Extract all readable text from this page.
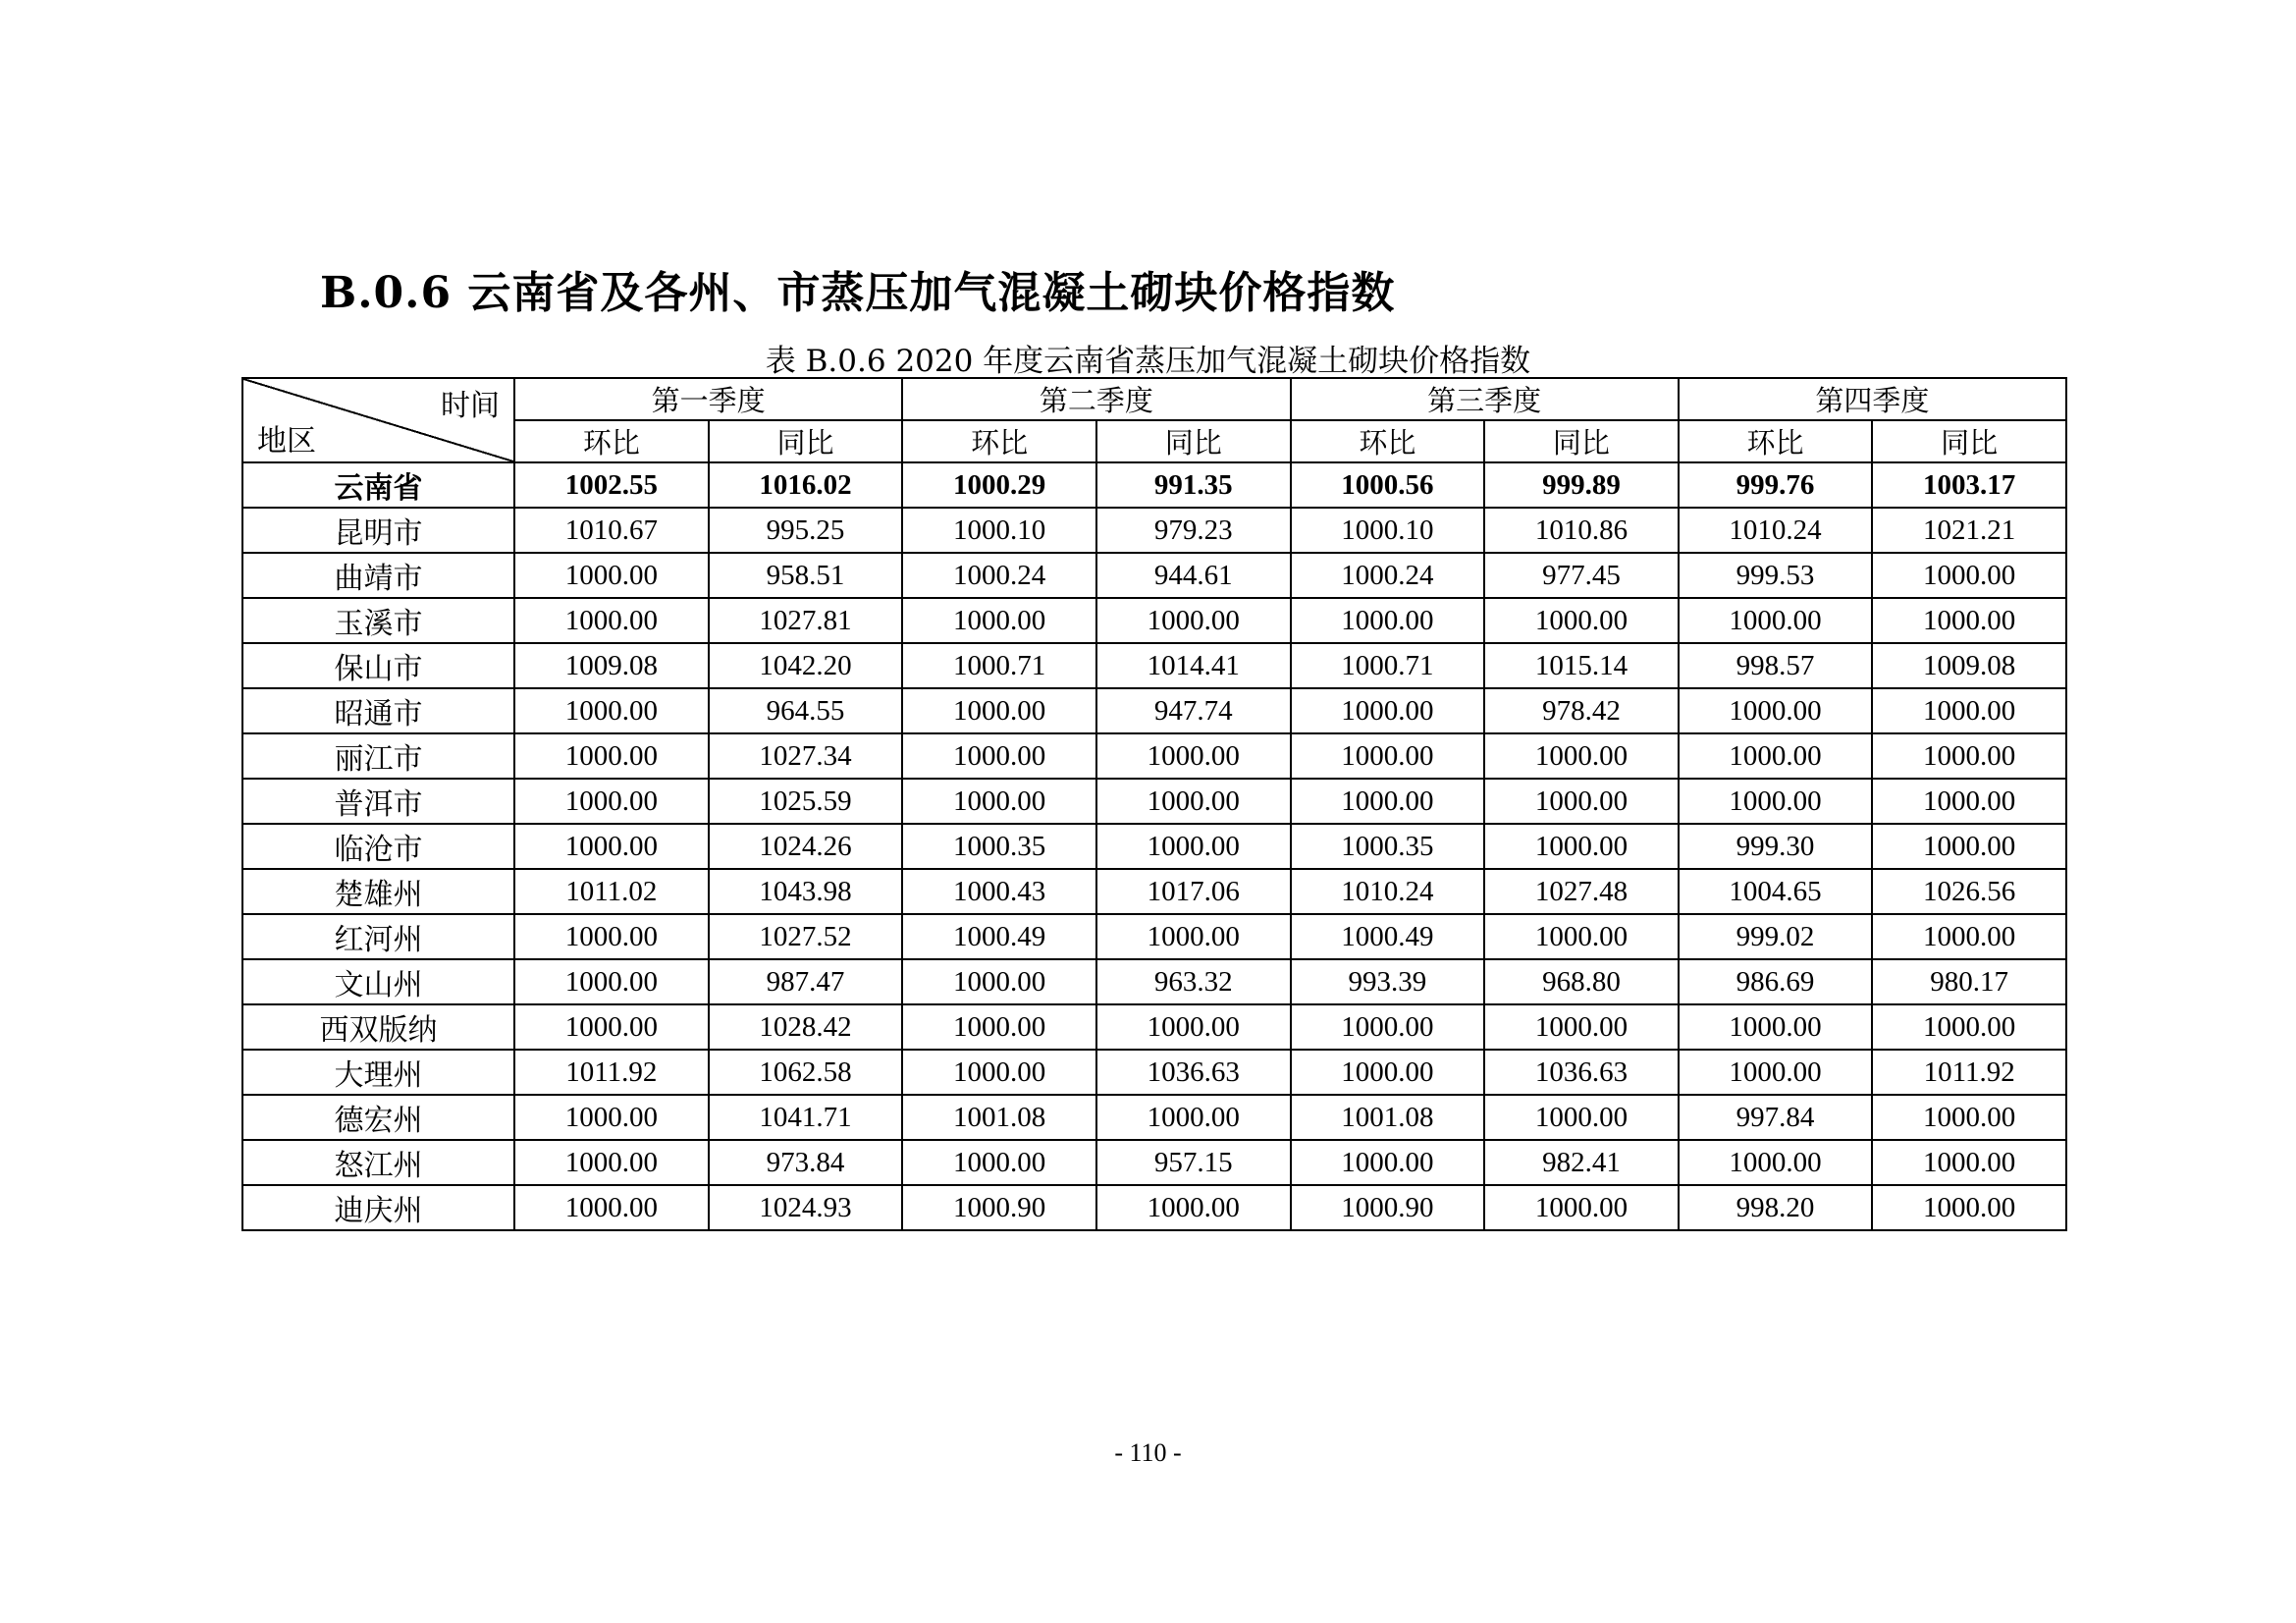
B.0.6 云南省及各州、市蒸压加气混凝土砌块价格指数
表 B.0.6 2020 年度云南省蒸压加气混凝土砌块价格指数
时间
地区	第一季度		第二季度		第三季度		第四季度	
	环比	同比	环比	同比	环比	同比	环比	同比
云南省	1002.55	1016.02	1000.29	991.35	1000.56	999.89	999.76	1003.17
昆明市	1010.67	995.25	1000.10	979.23	1000.10	1010.86	1010.24	1021.21
曲靖市	1000.00	958.51	1000.24	944.61	1000.24	977.45	999.53	1000.00
玉溪市	1000.00	1027.81	1000.00	1000.00	1000.00	1000.00	1000.00	1000.00
保山市	1009.08	1042.20	1000.71	1014.41	1000.71	1015.14	998.57	1009.08
昭通市	1000.00	964.55	1000.00	947.74	1000.00	978.42	1000.00	1000.00
丽江市	1000.00	1027.34	1000.00	1000.00	1000.00	1000.00	1000.00	1000.00
普洱市	1000.00	1025.59	1000.00	1000.00	1000.00	1000.00	1000.00	1000.00
临沧市	1000.00	1024.26	1000.35	1000.00	1000.35	1000.00	999.30	1000.00
楚雄州	1011.02	1043.98	1000.43	1017.06	1010.24	1027.48	1004.65	1026.56
红河州	1000.00	1027.52	1000.49	1000.00	1000.49	1000.00	999.02	1000.00
文山州	1000.00	987.47	1000.00	963.32	993.39	968.80	986.69	980.17
西双版纳	1000.00	1028.42	1000.00	1000.00	1000.00	1000.00	1000.00	1000.00
大理州	1011.92	1062.58	1000.00	1036.63	1000.00	1036.63	1000.00	1011.92
德宏州	1000.00	1041.71	1001.08	1000.00	1001.08	1000.00	997.84	1000.00
怒江州	1000.00	973.84	1000.00	957.15	1000.00	982.41	1000.00	1000.00
迪庆州	1000.00	1024.93	1000.90	1000.00	1000.90	1000.00	998.20	1000.00
- 110 -
